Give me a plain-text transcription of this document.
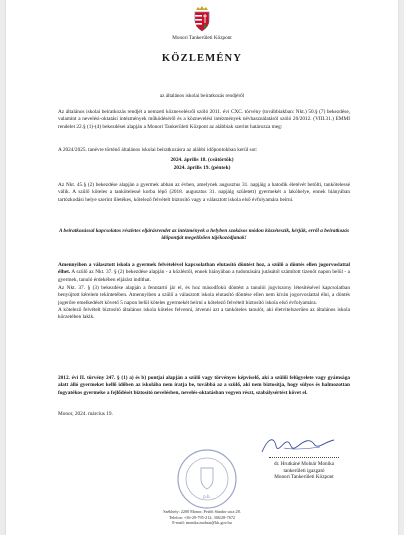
Monori Tankerületi Központ
KÖZLEMÉNY
az általános iskolai beiratkozás rendjéről
Az általános iskolai beiratkozás rendjét a nemzeti köznevelésről szóló 2011. évi CXC. törvény (továbbiakban: Nkt.) 50.§ (7) bekezdése, valamint a nevelési-oktatási intézmények működéséről és a köznevelési intézmények névhasználatáról szóló 20/2012. (VIII.31.) EMMI rendelet 22.§ (1)-(4) bekezdései alapján a Monori Tankerületi Központ az alábbiak szerint határozza meg:
A 2024/2025. tanévre történő általános iskolai beiratkozásra az alábbi időpontokban kerül sor:
2024. április 18. (csütörtök)
2024. április 19. (péntek)
Az Nkt. 45.§ (2) bekezdése alapján a gyermek abban az évben, amelynek augusztus 31. napjáig a hatodik életévét betölti, tankötelessé válik. A szülő köteles a tankötelessé korba lépő (2018. augusztus 31. napjáig született) gyermekét a lakóhelye, ennek hiányában tartózkodási helye szerint illetékes, kötelező felvételt biztosító vagy a választott iskola első évfolyamára beírni.
A beiratkozással kapcsolatos részletes eljárásrendet az intézmények a helyben szokásos módon közzéteszik, kérjük, erről a beiratkozás időpontját megelőzően tájékozódjanak!
Amennyiben a választott iskola a gyermek felvételével kapcsolatban elutasító döntést hoz, a szülő a döntés ellen jogorvoslattal élhet. A szülő az Nkt. 37. § (2) bekezdése alapján - a közléstől, ennek hiányában a tudomására jutásától számított tizenöt napon belül - a gyermek, tanuló érdekében eljárást indíthat.
Az Nkt. 37. § (3) bekezdése alapján a fenntartó jár el, és hoz másodfokú döntést a tanulói jogviszony létesítésével kapcsolatban benyújtott kérelem tekintetében. Amennyiben a szülő a választott iskola elutasító döntése ellen nem kíván jogorvoslattal élni, a döntés jogerőre emelkedését követő 5 napon belül köteles gyermekét beírni a kötelező felvételt biztosító iskola első évfolyamára.
A kötelező felvételt biztosító általános iskola köteles felvenni, átvenni azt a tanköteles tanulót, aki életvitelszerűen az általános iskola körzetében lakik.
2012. évi II. törvény 247. § (1) a) és b) pontjai alapján a szülő vagy törvényes képviselő, aki a szülői felügyelete vagy gyámsága alatt álló gyermeket kellő időben az iskolába nem íratja be, továbbá az a szülő, aki nem biztosítja, hogy súlyos és halmozottan fogyatékos gyermeke a fejlődését biztosító nevelésben, nevelés-oktatásban vegyen részt, szabálysértést követ el.
Monor, 2024. március 19.
p.h.
dr. Hrutkáné Molnár Monika
tankerületi igazgató
Monori Tankerületi Központ
Székhely: 2200 Monor, Petőfi Sándor utca 28.
Telefon: +36-29-795-212; 306/28-7672
E-mail: monika.molnar@kk.gov.hu
